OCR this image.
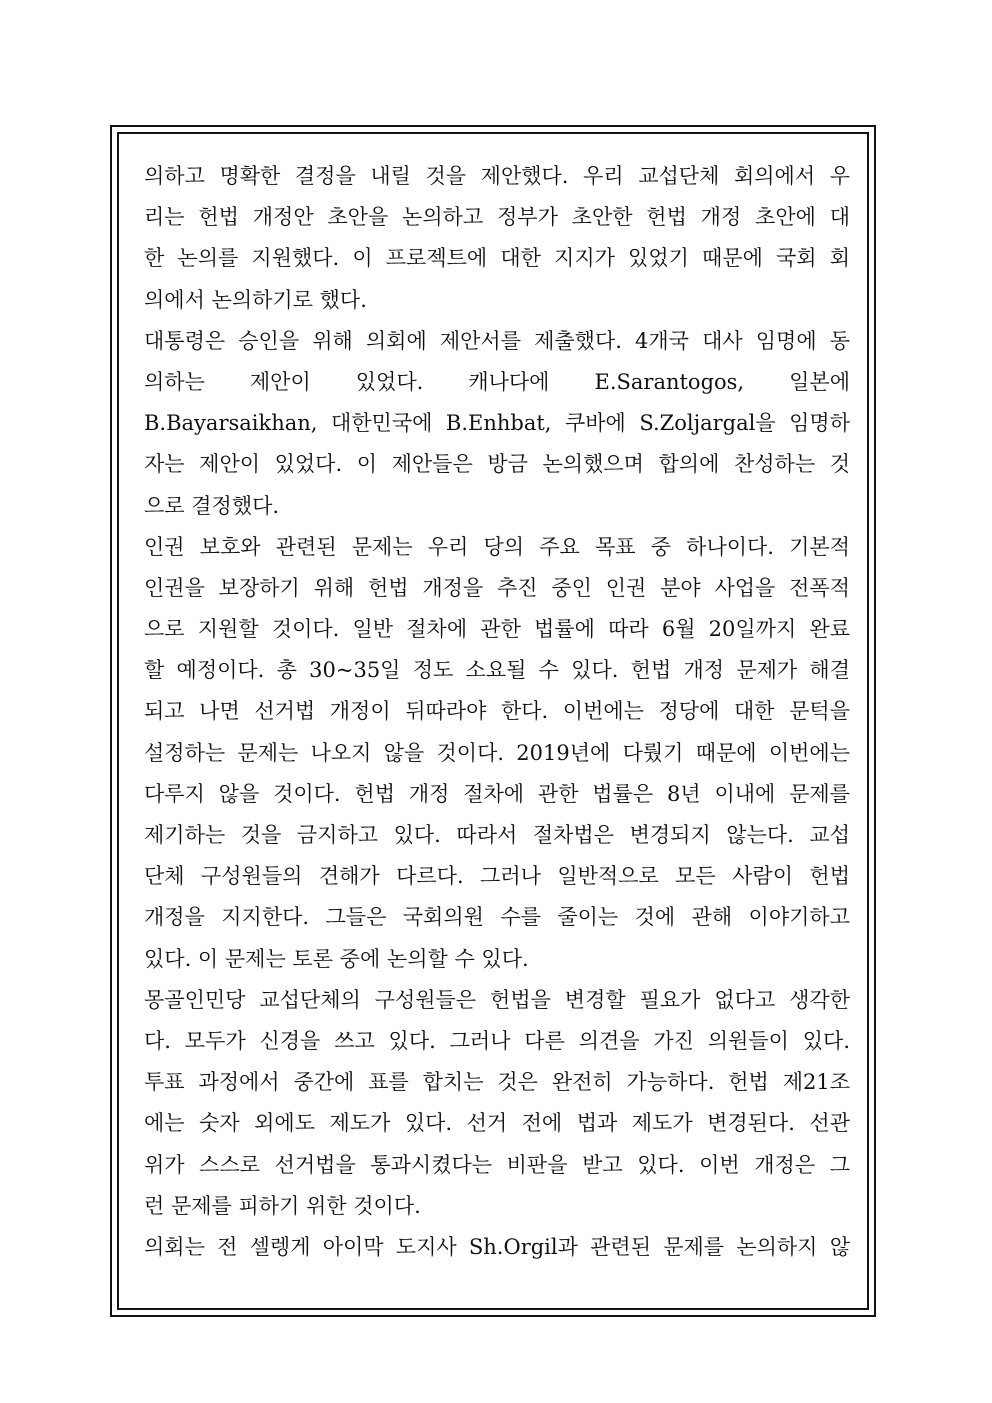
의하고 명확한 결정을 내릴 것을 제안했다. 우리 교섭단체 회의에서 우
리는 헌법 개정안 초안을 논의하고 정부가 초안한 헌법 개정 초안에 대
한 논의를 지원했다. 이 프로젝트에 대한 지지가 있었기 때문에 국회 회
의에서 논의하기로 했다.
대통령은 승인을 위해 의회에 제안서를 제출했다. 4개국 대사 임명에 동
의하는 제안이 있었다. 캐나다에 E.Sarantogos, 일본에
B.Bayarsaikhan, 대한민국에 B.Enhbat, 쿠바에 S.Zoljargal을 임명하
자는 제안이 있었다. 이 제안들은 방금 논의했으며 합의에 찬성하는 것
으로 결정했다.
인권 보호와 관련된 문제는 우리 당의 주요 목표 중 하나이다. 기본적
인권을 보장하기 위해 헌법 개정을 추진 중인 인권 분야 사업을 전폭적
으로 지원할 것이다. 일반 절차에 관한 법률에 따라 6월 20일까지 완료
할 예정이다. 총 30~35일 정도 소요될 수 있다. 헌법 개정 문제가 해결
되고 나면 선거법 개정이 뒤따라야 한다. 이번에는 정당에 대한 문턱을
설정하는 문제는 나오지 않을 것이다. 2019년에 다뤘기 때문에 이번에는
다루지 않을 것이다. 헌법 개정 절차에 관한 법률은 8년 이내에 문제를
제기하는 것을 금지하고 있다. 따라서 절차법은 변경되지 않는다. 교섭
단체 구성원들의 견해가 다르다. 그러나 일반적으로 모든 사람이 헌법
개정을 지지한다. 그들은 국회의원 수를 줄이는 것에 관해 이야기하고
있다. 이 문제는 토론 중에 논의할 수 있다.
몽골인민당 교섭단체의 구성원들은 헌법을 변경할 필요가 없다고 생각한
다. 모두가 신경을 쓰고 있다. 그러나 다른 의견을 가진 의원들이 있다.
투표 과정에서 중간에 표를 합치는 것은 완전히 가능하다. 헌법 제21조
에는 숫자 외에도 제도가 있다. 선거 전에 법과 제도가 변경된다. 선관
위가 스스로 선거법을 통과시켰다는 비판을 받고 있다. 이번 개정은 그
런 문제를 피하기 위한 것이다.
의회는 전 셀렝게 아이막 도지사 Sh.Orgil과 관련된 문제를 논의하지 않
